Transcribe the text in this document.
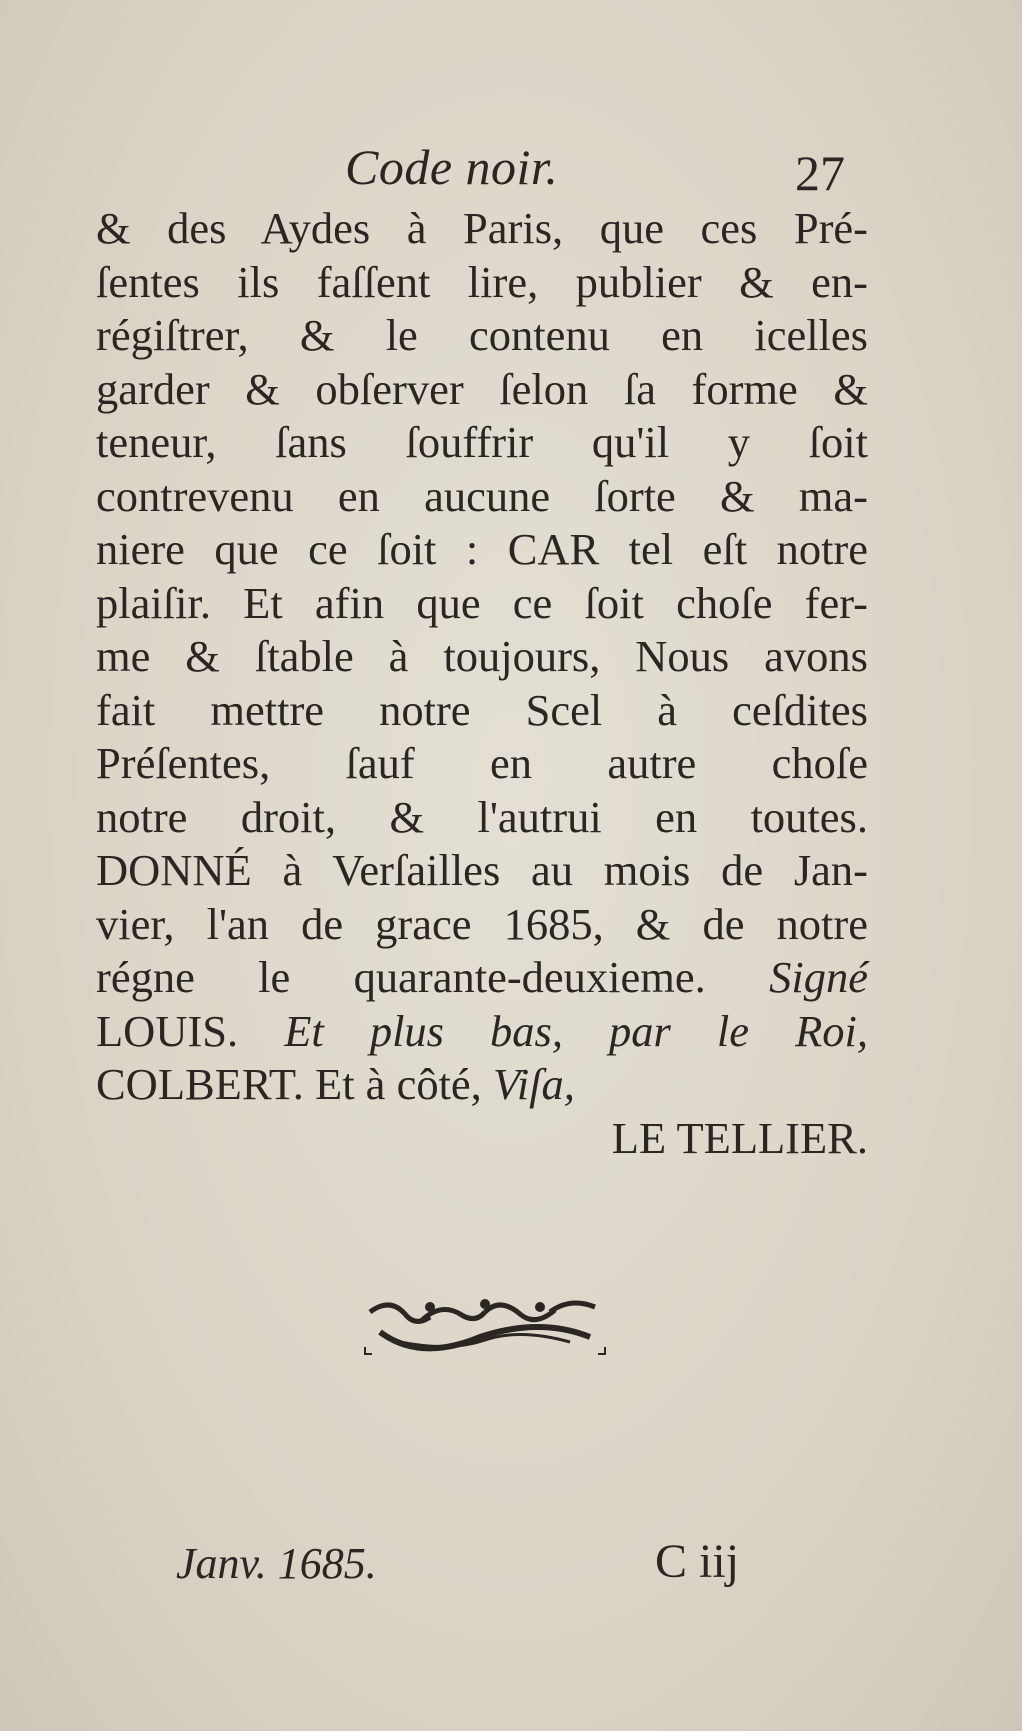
Code noir.	27
& des Aydes à Paris, que ces Pré-
ſentes ils faſſent lire, publier & en-
régiſtrer, & le contenu en icelles
garder & obſerver ſelon ſa forme &
teneur, ſans ſouffrir qu'il y ſoit
contrevenu en aucune ſorte & ma-
niere que ce ſoit : CAR tel eſt notre
plaiſir. Et afin que ce ſoit choſe fer-
me & ſtable à toujours, Nous avons
fait mettre notre Scel à ceſdites
Préſentes, ſauf en autre choſe
notre droit, & l'autrui en toutes.
DONNÉ à Verſailles au mois de Jan-
vier, l'an de grace 1685, & de notre
régne le quarante-deuxieme. Signé
LOUIS. Et plus bas, par le Roi,
COLBERT. Et à côté, Viſa,
LE TELLIER.
Janv. 1685.	C iij
